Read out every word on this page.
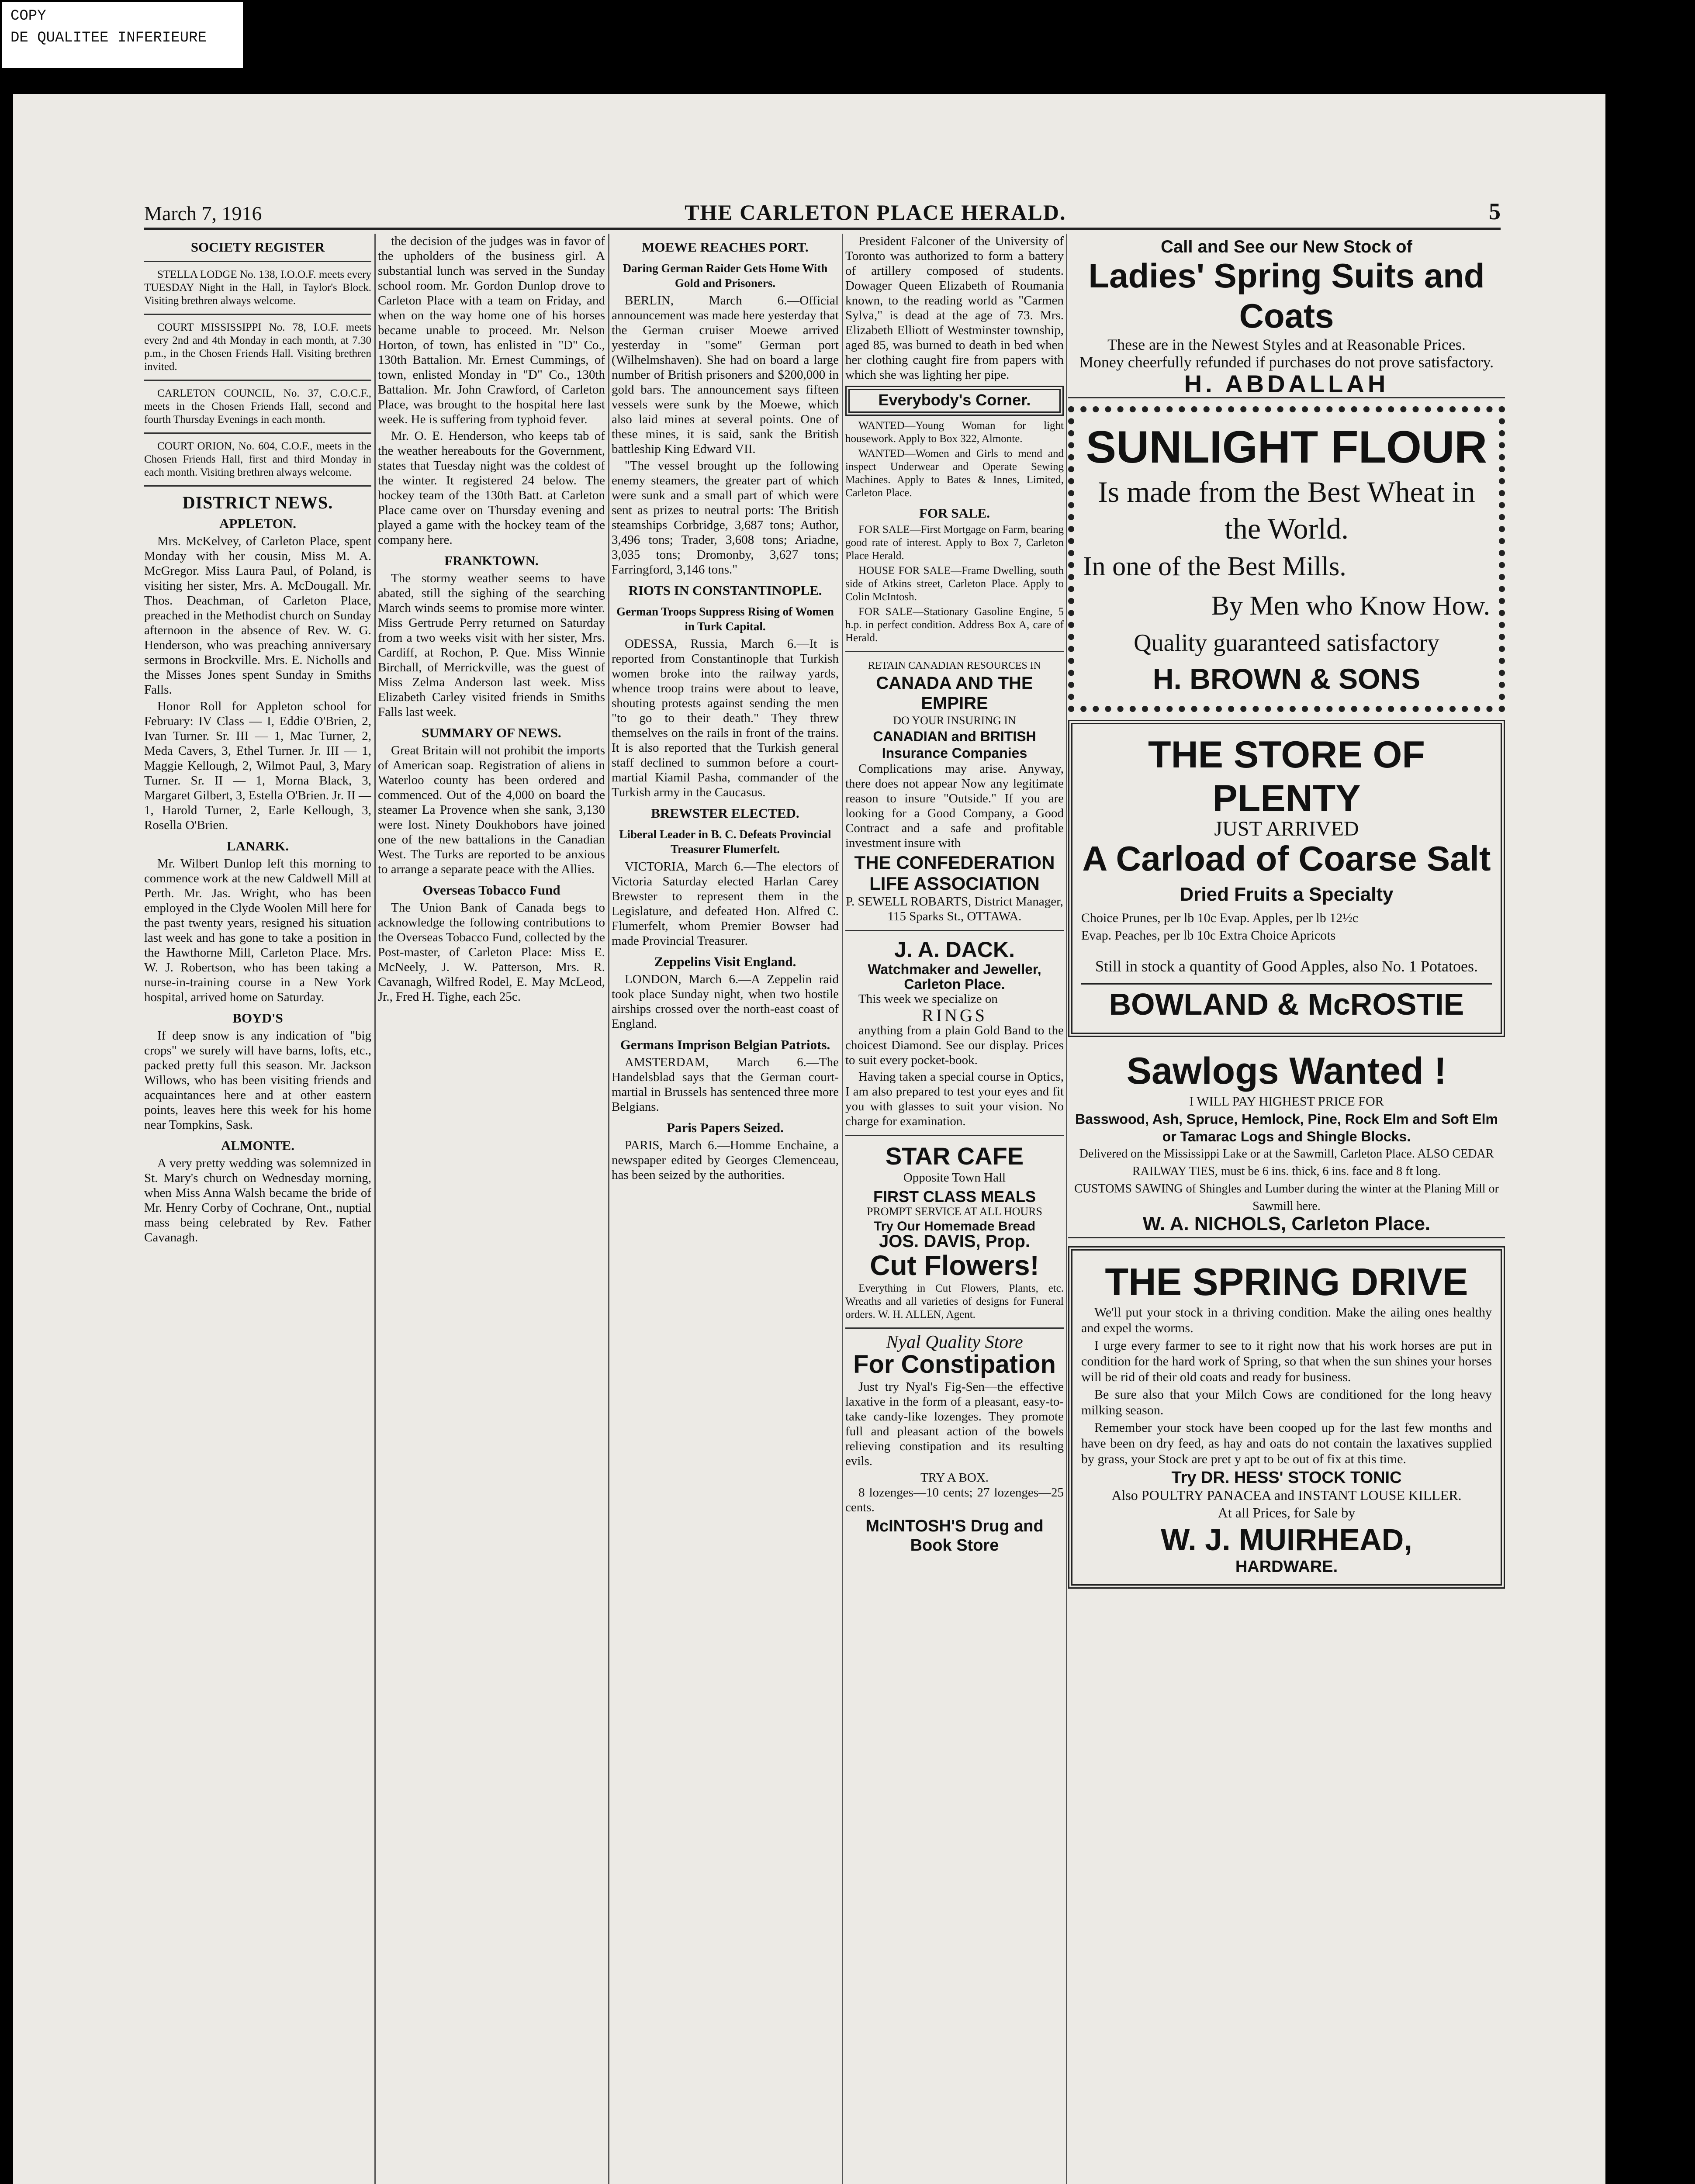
COPY
DE QUALITEE INFERIEURE
March 7, 1916	THE CARLETON PLACE HERALD.	5
SOCIETY REGISTER

STELLA LODGE No. 138, I.O.O.F. meets every TUESDAY Night in the Hall, in Taylor's Block. Visiting brethren always welcome.

COURT MISSISSIPPI No. 78, I.O.F. meets every 2nd and 4th Monday in each month, at 7.30 p.m., in the Chosen Friends Hall. Visiting brethren invited.

CARLETON COUNCIL, No. 37, C.O.C.F., meets in the Chosen Friends Hall, second and fourth Thursday Evenings in each month.

COURT ORION, No. 604, C.O.F., meets in the Chosen Friends Hall, first and third Monday in each month. Visiting brethren always welcome.

DISTRICT NEWS.
APPLETON.

Mrs. McKelvey, of Carleton Place, spent Monday with her cousin, Miss M. A. McGregor. Miss Laura Paul, of Poland, is visiting her sister, Mrs. A. McDougall. Mr. Thos. Deachman, of Carleton Place, preached in the Methodist church on Sunday afternoon in the absence of Rev. W. G. Henderson, who was preaching anniversary sermons in Brockville. Mrs. E. Nicholls and the Misses Jones spent Sunday in Smiths Falls.

Honor Roll for Appleton school for February: IV Class — I, Eddie O'Brien, 2, Ivan Turner. Sr. III — 1, Mac Turner, 2, Meda Cavers, 3, Ethel Turner. Jr. III — 1, Maggie Kellough, 2, Wilmot Paul, 3, Mary Turner. Sr. II — 1, Morna Black, 3, Margaret Gilbert, 3, Estella O'Brien. Jr. II — 1, Harold Turner, 2, Earle Kellough, 3, Rosella O'Brien.

LANARK.

Mr. Wilbert Dunlop left this morning to commence work at the new Caldwell Mill at Perth. Mr. Jas. Wright, who has been employed in the Clyde Woolen Mill here for the past twenty years, resigned his situation last week and has gone to take a position in the Hawthorne Mill, Carleton Place. Mrs. W. J. Robertson, who has been taking a nurse-in-training course in a New York hospital, arrived home on Saturday.

BOYD'S

If deep snow is any indication of "big crops" we surely will have barns, lofts, etc., packed pretty full this season. Mr. Jackson Willows, who has been visiting friends and acquaintances here and at other eastern points, leaves here this week for his home near Tompkins, Sask.

ALMONTE.

A very pretty wedding was solemnized in St. Mary's church on Wednesday morning, when Miss Anna Walsh became the bride of Mr. Henry Corby of Cochrane, Ont., nuptial mass being celebrated by Rev. Father Cavanagh.

the decision of the judges was in favor of the upholders of the business girl. A substantial lunch was served in the Sunday school room. Mr. Gordon Dunlop drove to Carleton Place with a team on Friday, and when on the way home one of his horses became unable to proceed. Mr. Nelson Horton, of town, has enlisted in "D" Co., 130th Battalion. Mr. Ernest Cummings, of town, enlisted Monday in "D" Co., 130th Battalion. Mr. John Crawford, of Carleton Place, was brought to the hospital here last week. He is suffering from typhoid fever.

Mr. O. E. Henderson, who keeps tab of the weather hereabouts for the Government, states that Tuesday night was the coldest of the winter. It registered 24 below. The hockey team of the 130th Batt. at Carleton Place came over on Thursday evening and played a game with the hockey team of the company here.

FRANKTOWN.

The stormy weather seems to have abated, still the sighing of the searching March winds seems to promise more winter. Miss Gertrude Perry returned on Saturday from a two weeks visit with her sister, Mrs. Cardiff, at Rochon, P. Que. Miss Winnie Birchall, of Merrickville, was the guest of Miss Zelma Anderson last week. Miss Elizabeth Carley visited friends in Smiths Falls last week.

SUMMARY OF NEWS.

Great Britain will not prohibit the imports of American soap. Registration of aliens in Waterloo county has been ordered and commenced. Out of the 4,000 on board the steamer La Provence when she sank, 3,130 were lost. Ninety Doukhobors have joined one of the new battalions in the Canadian West. The Turks are reported to be anxious to arrange a separate peace with the Allies.

Overseas Tobacco Fund

The Union Bank of Canada begs to acknowledge the following contributions to the Overseas Tobacco Fund, collected by the Post-master, of Carleton Place: Miss E. McNeely, J. W. Patterson, Mrs. R. Cavanagh, Wilfred Rodel, E. May McLeod, Jr., Fred H. Tighe, each 25c.

MOEWE REACHES PORT.
Daring German Raider Gets Home With Gold and Prisoners.

BERLIN, March 6.—Official announcement was made here yesterday that the German cruiser Moewe arrived yesterday in "some" German port (Wilhelmshaven). She had on board a large number of British prisoners and $200,000 in gold bars. The announcement says fifteen vessels were sunk by the Moewe, which also laid mines at several points. One of these mines, it is said, sank the British battleship King Edward VII.

"The vessel brought up the following enemy steamers, the greater part of which were sunk and a small part of which were sent as prizes to neutral ports: The British steamships Corbridge, 3,687 tons; Author, 3,496 tons; Trader, 3,608 tons; Ariadne, 3,035 tons; Dromonby, 3,627 tons; Farringford, 3,146 tons."

RIOTS IN CONSTANTINOPLE.
German Troops Suppress Rising of Women in Turk Capital.

ODESSA, Russia, March 6.—It is reported from Constantinople that Turkish women broke into the railway yards, whence troop trains were about to leave, shouting protests against sending the men "to go to their death." They threw themselves on the rails in front of the trains. It is also reported that the Turkish general staff declined to summon before a court-martial Kiamil Pasha, commander of the Turkish army in the Caucasus.

BREWSTER ELECTED.
Liberal Leader in B. C. Defeats Provincial Treasurer Flumerfelt.

VICTORIA, March 6.—The electors of Victoria Saturday elected Harlan Carey Brewster to represent them in the Legislature, and defeated Hon. Alfred C. Flumerfelt, whom Premier Bowser had made Provincial Treasurer.

Zeppelins Visit England.

LONDON, March 6.—A Zeppelin raid took place Sunday night, when two hostile airships crossed over the north-east coast of England.

Germans Imprison Belgian Patriots.

AMSTERDAM, March 6.—The Handelsblad says that the German court-martial in Brussels has sentenced three more Belgians.

Paris Papers Seized.

PARIS, March 6.—Homme Enchaine, a newspaper edited by Georges Clemenceau, has been seized by the authorities.

President Falconer of the University of Toronto was authorized to form a battery of artillery composed of students. Dowager Queen Elizabeth of Roumania known, to the reading world as "Carmen Sylva," is dead at the age of 73. Mrs. Elizabeth Elliott of Westminster township, aged 85, was burned to death in bed when her clothing caught fire from papers with which she was lighting her pipe.

Everybody's Corner.

WANTED—Young Woman for light housework. Apply to Box 322, Almonte.

WANTED—Women and Girls to mend and inspect Underwear and Operate Sewing Machines. Apply to Bates & Innes, Limited, Carleton Place.

FOR SALE.

FOR SALE—First Mortgage on Farm, bearing good rate of interest. Apply to Box 7, Carleton Place Herald.

HOUSE FOR SALE—Frame Dwelling, south side of Atkins street, Carleton Place. Apply to Colin McIntosh.

FOR SALE—Stationary Gasoline Engine, 5 h.p. in perfect condition. Address Box A, care of Herald.

RETAIN CANADIAN RESOURCES IN
CANADA AND THE EMPIRE
DO YOUR INSURING IN
CANADIAN and BRITISH Insurance Companies

Complications may arise. Anyway, there does not appear Now any legitimate reason to insure "Outside." If you are looking for a Good Company, a Good Contract and a safe and profitable investment insure with

THE CONFEDERATION LIFE ASSOCIATION

P. SEWELL ROBARTS, District Manager, 115 Sparks St., OTTAWA.

J. A. DACK.
Watchmaker and Jeweller, Carleton Place.

This week we specialize on

RINGS

anything from a plain Gold Band to the choicest Diamond. See our display. Prices to suit every pocket-book.

Having taken a special course in Optics, I am also prepared to test your eyes and fit you with glasses to suit your vision. No charge for examination.

STAR CAFE
Opposite Town Hall
FIRST CLASS MEALS
PROMPT SERVICE AT ALL HOURS
Try Our Homemade Bread
JOS. DAVIS, Prop.
Cut Flowers!

Everything in Cut Flowers, Plants, etc. Wreaths and all varieties of designs for Funeral orders. W. H. ALLEN, Agent.

Nyal Quality Store
For Constipation

Just try Nyal's Fig-Sen—the effective laxative in the form of a pleasant, easy-to-take candy-like lozenges. They promote full and pleasant action of the bowels relieving constipation and its resulting evils.

TRY A BOX.

8 lozenges—10 cents; 27 lozenges—25 cents.

McINTOSH'S Drug and Book Store
Call and See our New Stock of
Ladies' Spring Suits and Coats
These are in the Newest Styles and at Reasonable Prices.
Money cheerfully refunded if purchases do not prove satisfactory.
H. ABDALLAH
SUNLIGHT FLOUR
Is made from the Best Wheat in the World.
In one of the Best Mills.
By Men who Know How.
Quality guaranteed satisfactory
H. BROWN & SONS
THE STORE OF PLENTY
JUST ARRIVED
A Carload of Coarse Salt
Dried Fruits a Specialty
Choice Prunes, per lb 10c Evap. Apples, per lb 12½c
Evap. Peaches, per lb 10c Extra Choice Apricots
Still in stock a quantity of Good Apples, also No. 1 Potatoes.
BOWLAND & McROSTIE
Sawlogs Wanted !
I WILL PAY HIGHEST PRICE FOR
Basswood, Ash, Spruce, Hemlock, Pine, Rock Elm and Soft Elm or Tamarac Logs and Shingle Blocks.
Delivered on the Mississippi Lake or at the Sawmill, Carleton Place. ALSO CEDAR RAILWAY TIES, must be 6 ins. thick, 6 ins. face and 8 ft long.
CUSTOMS SAWING of Shingles and Lumber during the winter at the Planing Mill or Sawmill here.
W. A. NICHOLS, Carleton Place.
THE SPRING DRIVE

We'll put your stock in a thriving condition. Make the ailing ones healthy and expel the worms.

I urge every farmer to see to it right now that his work horses are put in condition for the hard work of Spring, so that when the sun shines your horses will be rid of their old coats and ready for business.

Be sure also that your Milch Cows are conditioned for the long heavy milking season.

Remember your stock have been cooped up for the last few months and have been on dry feed, as hay and oats do not contain the laxatives supplied by grass, your Stock are pret y apt to be out of fix at this time.

Try DR. HESS' STOCK TONIC
Also POULTRY PANACEA and INSTANT LOUSE KILLER.
At all Prices, for Sale by
W. J. MUIRHEAD,
HARDWARE.
